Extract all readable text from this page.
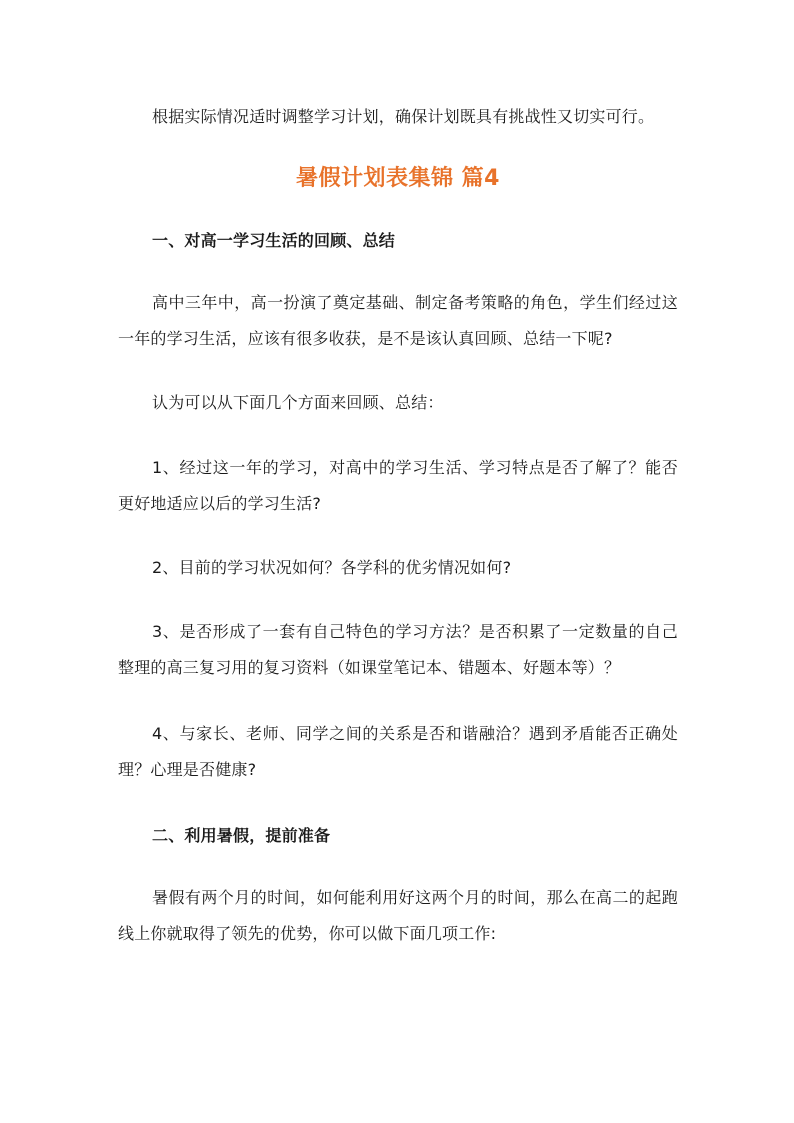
根据实际情况适时调整学习计划，确保计划既具有挑战性又切实可行。

暑假计划表集锦 篇4

一、对高一学习生活的回顾、总结

高中三年中，高一扮演了奠定基础、制定备考策略的角色，学生们经过这一年的学习生活，应该有很多收获，是不是该认真回顾、总结一下呢?

认为可以从下面几个方面来回顾、总结：

1、经过这一年的学习，对高中的学习生活、学习特点是否了解了？能否更好地适应以后的学习生活?

2、目前的学习状况如何？各学科的优劣情况如何?

3、是否形成了一套有自己特色的学习方法？是否积累了一定数量的自己整理的高三复习用的复习资料（如课堂笔记本、错题本、好题本等）？

4、与家长、老师、同学之间的关系是否和谐融洽？遇到矛盾能否正确处理？心理是否健康?

二、利用暑假，提前准备

暑假有两个月的时间，如何能利用好这两个月的时间，那么在高二的起跑线上你就取得了领先的优势，你可以做下面几项工作:
